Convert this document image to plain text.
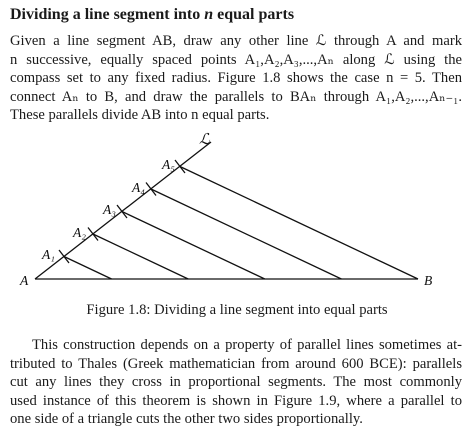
Dividing a line segment into n equal parts
Given a line segment AB, draw any other line ℒ through A and mark
n successive, equally spaced points A₁,A₂,A₃,...,Aₙ along ℒ using the
compass set to any fixed radius. Figure 1.8 shows the case n = 5. Then
connect Aₙ to B, and draw the parallels to BAₙ through A₁,A₂,...,Aₙ₋₁.
These parallels divide AB into n equal parts.
A	B
ℒ
A₁
A₂
A₃
A₄
A₅

Figure 1.8: Dividing a line segment into equal parts

This construction depends on a property of parallel lines sometimes at-
tributed to Thales (Greek mathematician from around 600 BCE): parallels
cut any lines they cross in proportional segments. The most commonly
used instance of this theorem is shown in Figure 1.9, where a parallel to
one side of a triangle cuts the other two sides proportionally.
